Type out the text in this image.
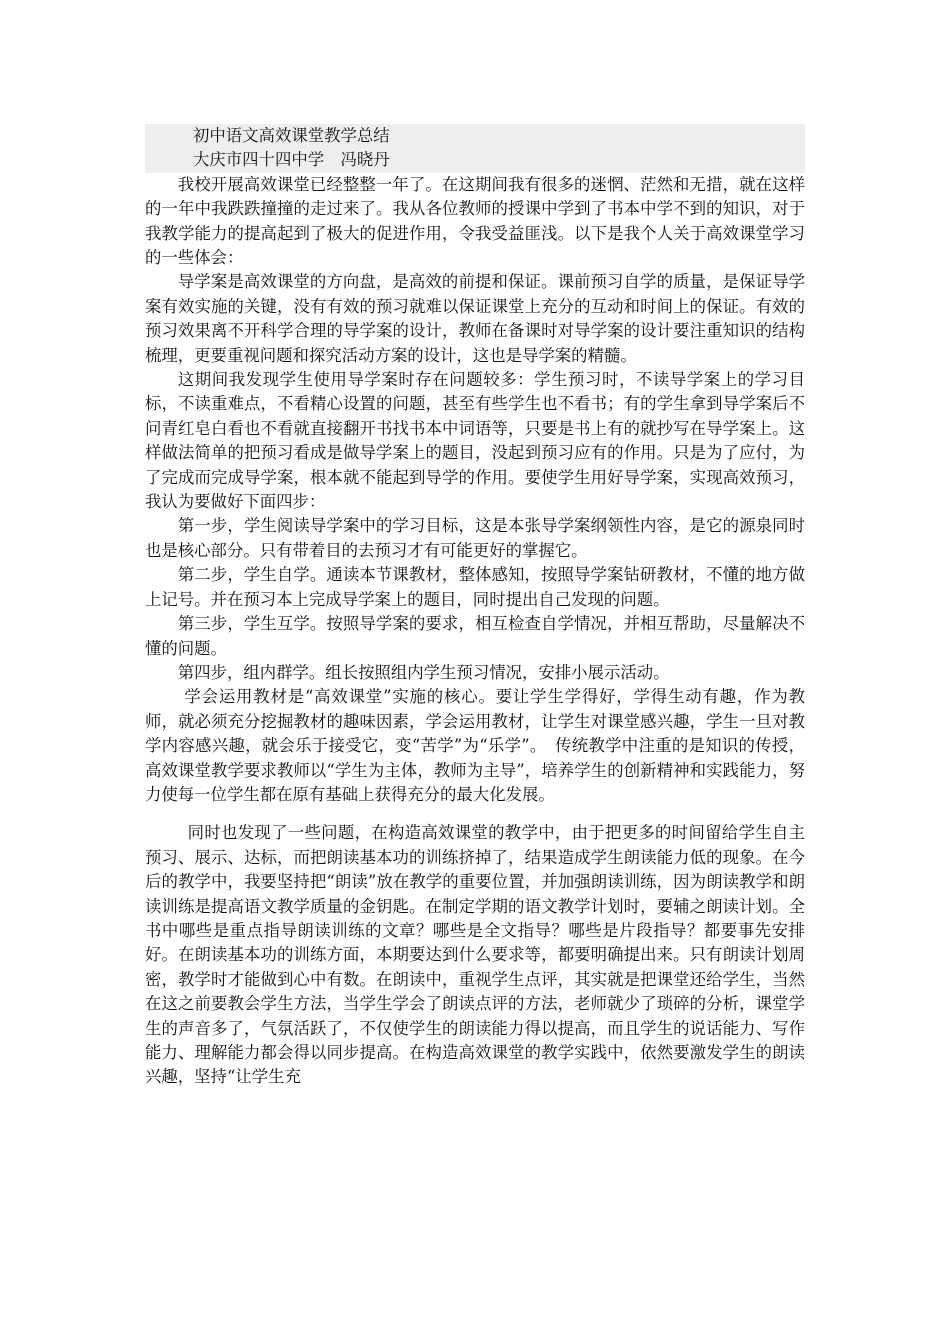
初中语文高效课堂教学总结
大庆市四十四中学　冯晓丹

我校开展高效课堂已经整整一年了。在这期间我有很多的迷惘、茫然和无措，就在这样的一年中我跌跌撞撞的走过来了。我从各位教师的授课中学到了书本中学不到的知识，对于我教学能力的提高起到了极大的促进作用，令我受益匪浅。以下是我个人关于高效课堂学习的一些体会：

导学案是高效课堂的方向盘，是高效的前提和保证。课前预习自学的质量，是保证导学案有效实施的关键，没有有效的预习就难以保证课堂上充分的互动和时间上的保证。有效的预习效果离不开科学合理的导学案的设计，教师在备课时对导学案的设计要注重知识的结构梳理，更要重视问题和探究活动方案的设计，这也是导学案的精髓。

这期间我发现学生使用导学案时存在问题较多：学生预习时，不读导学案上的学习目标，不读重难点，不看精心设置的问题，甚至有些学生也不看书；有的学生拿到导学案后不问青红皂白看也不看就直接翻开书找书本中词语等，只要是书上有的就抄写在导学案上。这样做法简单的把预习看成是做导学案上的题目，没起到预习应有的作用。只是为了应付，为了完成而完成导学案，根本就不能起到导学的作用。要使学生用好导学案，实现高效预习，我认为要做好下面四步：

第一步，学生阅读导学案中的学习目标，这是本张导学案纲领性内容，是它的源泉同时也是核心部分。只有带着目的去预习才有可能更好的掌握它。

第二步，学生自学。通读本节课教材，整体感知，按照导学案钻研教材，不懂的地方做上记号。并在预习本上完成导学案上的题目，同时提出自己发现的问题。

第三步，学生互学。按照导学案的要求，相互检查自学情况，并相互帮助，尽量解决不懂的问题。

第四步，组内群学。组长按照组内学生预习情况，安排小展示活动。

学会运用教材是“高效课堂”实施的核心。要让学生学得好，学得生动有趣，作为教师，就必须充分挖掘教材的趣味因素，学会运用教材，让学生对课堂感兴趣，学生一旦对教学内容感兴趣，就会乐于接受它，变“苦学”为“乐学”。　传统教学中注重的是知识的传授，高效课堂教学要求教师以“学生为主体，教师为主导”，培养学生的创新精神和实践能力，努力使每一位学生都在原有基础上获得充分的最大化发展。

同时也发现了一些问题，在构造高效课堂的教学中，由于把更多的时间留给学生自主预习、展示、达标，而把朗读基本功的训练挤掉了，结果造成学生朗读能力低的现象。在今后的教学中，我要坚持把“朗读”放在教学的重要位置，并加强朗读训练，因为朗读教学和朗读训练是提高语文教学质量的金钥匙。在制定学期的语文教学计划时，要辅之朗读计划。全书中哪些是重点指导朗读训练的文章？哪些是全文指导？哪些是片段指导？都要事先安排好。在朗读基本功的训练方面，本期要达到什么要求等，都要明确提出来。只有朗读计划周密，教学时才能做到心中有数。在朗读中，重视学生点评，其实就是把课堂还给学生，当然在这之前要教会学生方法，当学生学会了朗读点评的方法，老师就少了琐碎的分析，课堂学生的声音多了，气氛活跃了，不仅使学生的朗读能力得以提高，而且学生的说话能力、写作能力、理解能力都会得以同步提高。在构造高效课堂的教学实践中，依然要激发学生的朗读兴趣，坚持“让学生充
